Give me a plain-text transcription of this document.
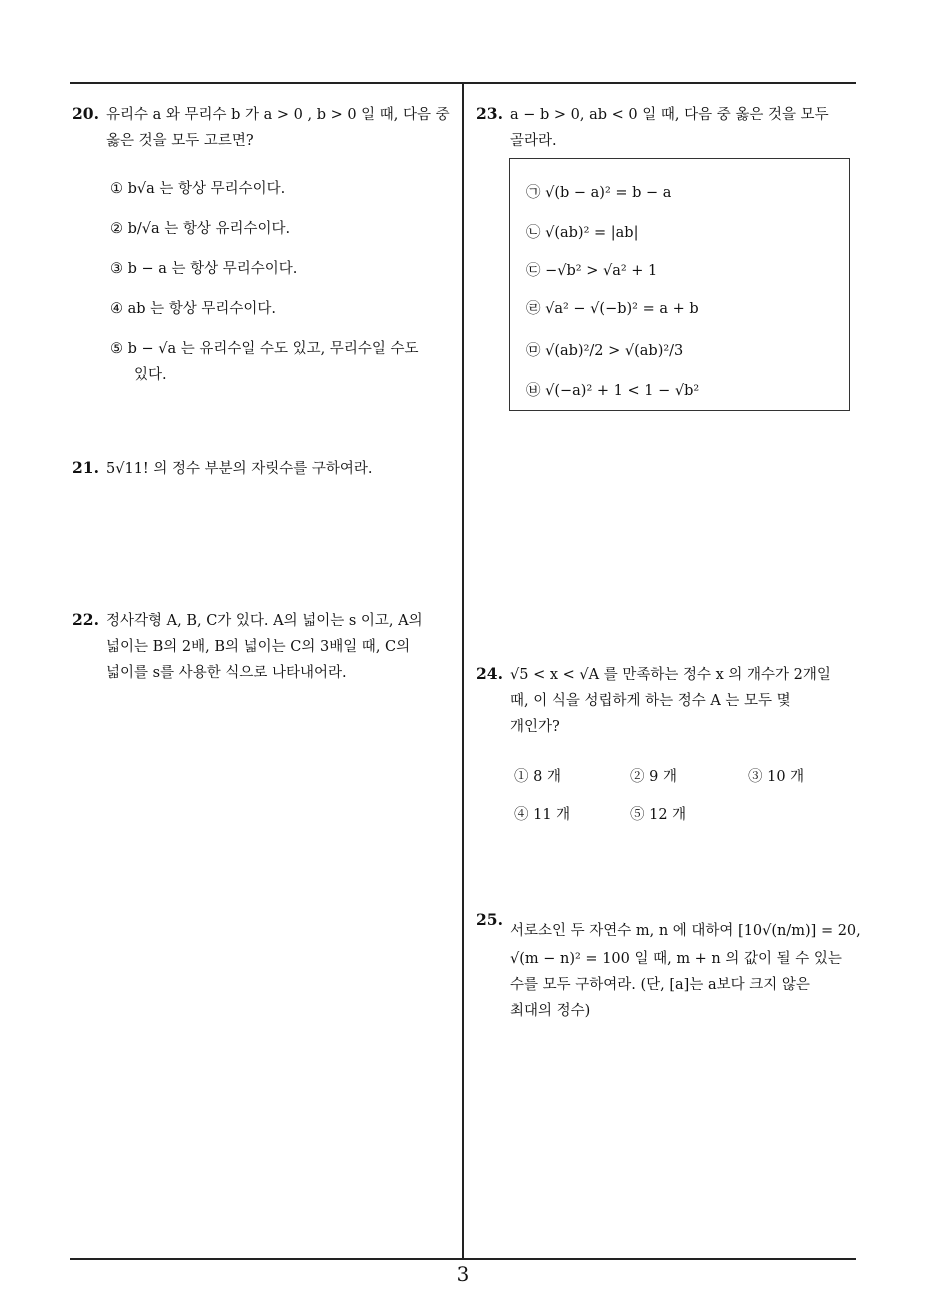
20. 유리수 a 와 무리수 b 가 a > 0 , b > 0 일 때, 다음 중
옳은 것을 모두 고르면?
① b√a 는 항상 무리수이다.
② b/√a 는 항상 유리수이다.
③ b − a 는 항상 무리수이다.
④ ab 는 항상 무리수이다.
⑤ b − √a 는 유리수일 수도 있고, 무리수일 수도
있다.
21. 5√11! 의 정수 부분의 자릿수를 구하여라.
22. 정사각형 A, B, C가 있다. A의 넓이는 s 이고, A의
넓이는 B의 2배, B의 넓이는 C의 3배일 때, C의
넓이를 s를 사용한 식으로 나타내어라.
23. a − b > 0, ab < 0 일 때, 다음 중 옳은 것을 모두
골라라.
㉠ √(b − a)² = b − a
㉡ √(ab)² = |ab|
㉢ −√b² > √a² + 1
㉣ √a² − √(−b)² = a + b
㉤ √(ab)²/2 > √(ab)²/3
㉥ √(−a)² + 1 < 1 − √b²
24. √5 < x < √A 를 만족하는 정수 x 의 개수가 2개일
때, 이 식을 성립하게 하는 정수 A 는 모두 몇
개인가?
① 8 개	② 9 개	③ 10 개
④ 11 개	⑤ 12 개
25.
서로소인 두 자연수 m, n 에 대하여 [10√(n/m)] = 20,
√(m − n)² = 100 일 때, m + n 의 값이 될 수 있는
수를 모두 구하여라. (단, [a]는 a보다 크지 않은
최대의 정수)
3
